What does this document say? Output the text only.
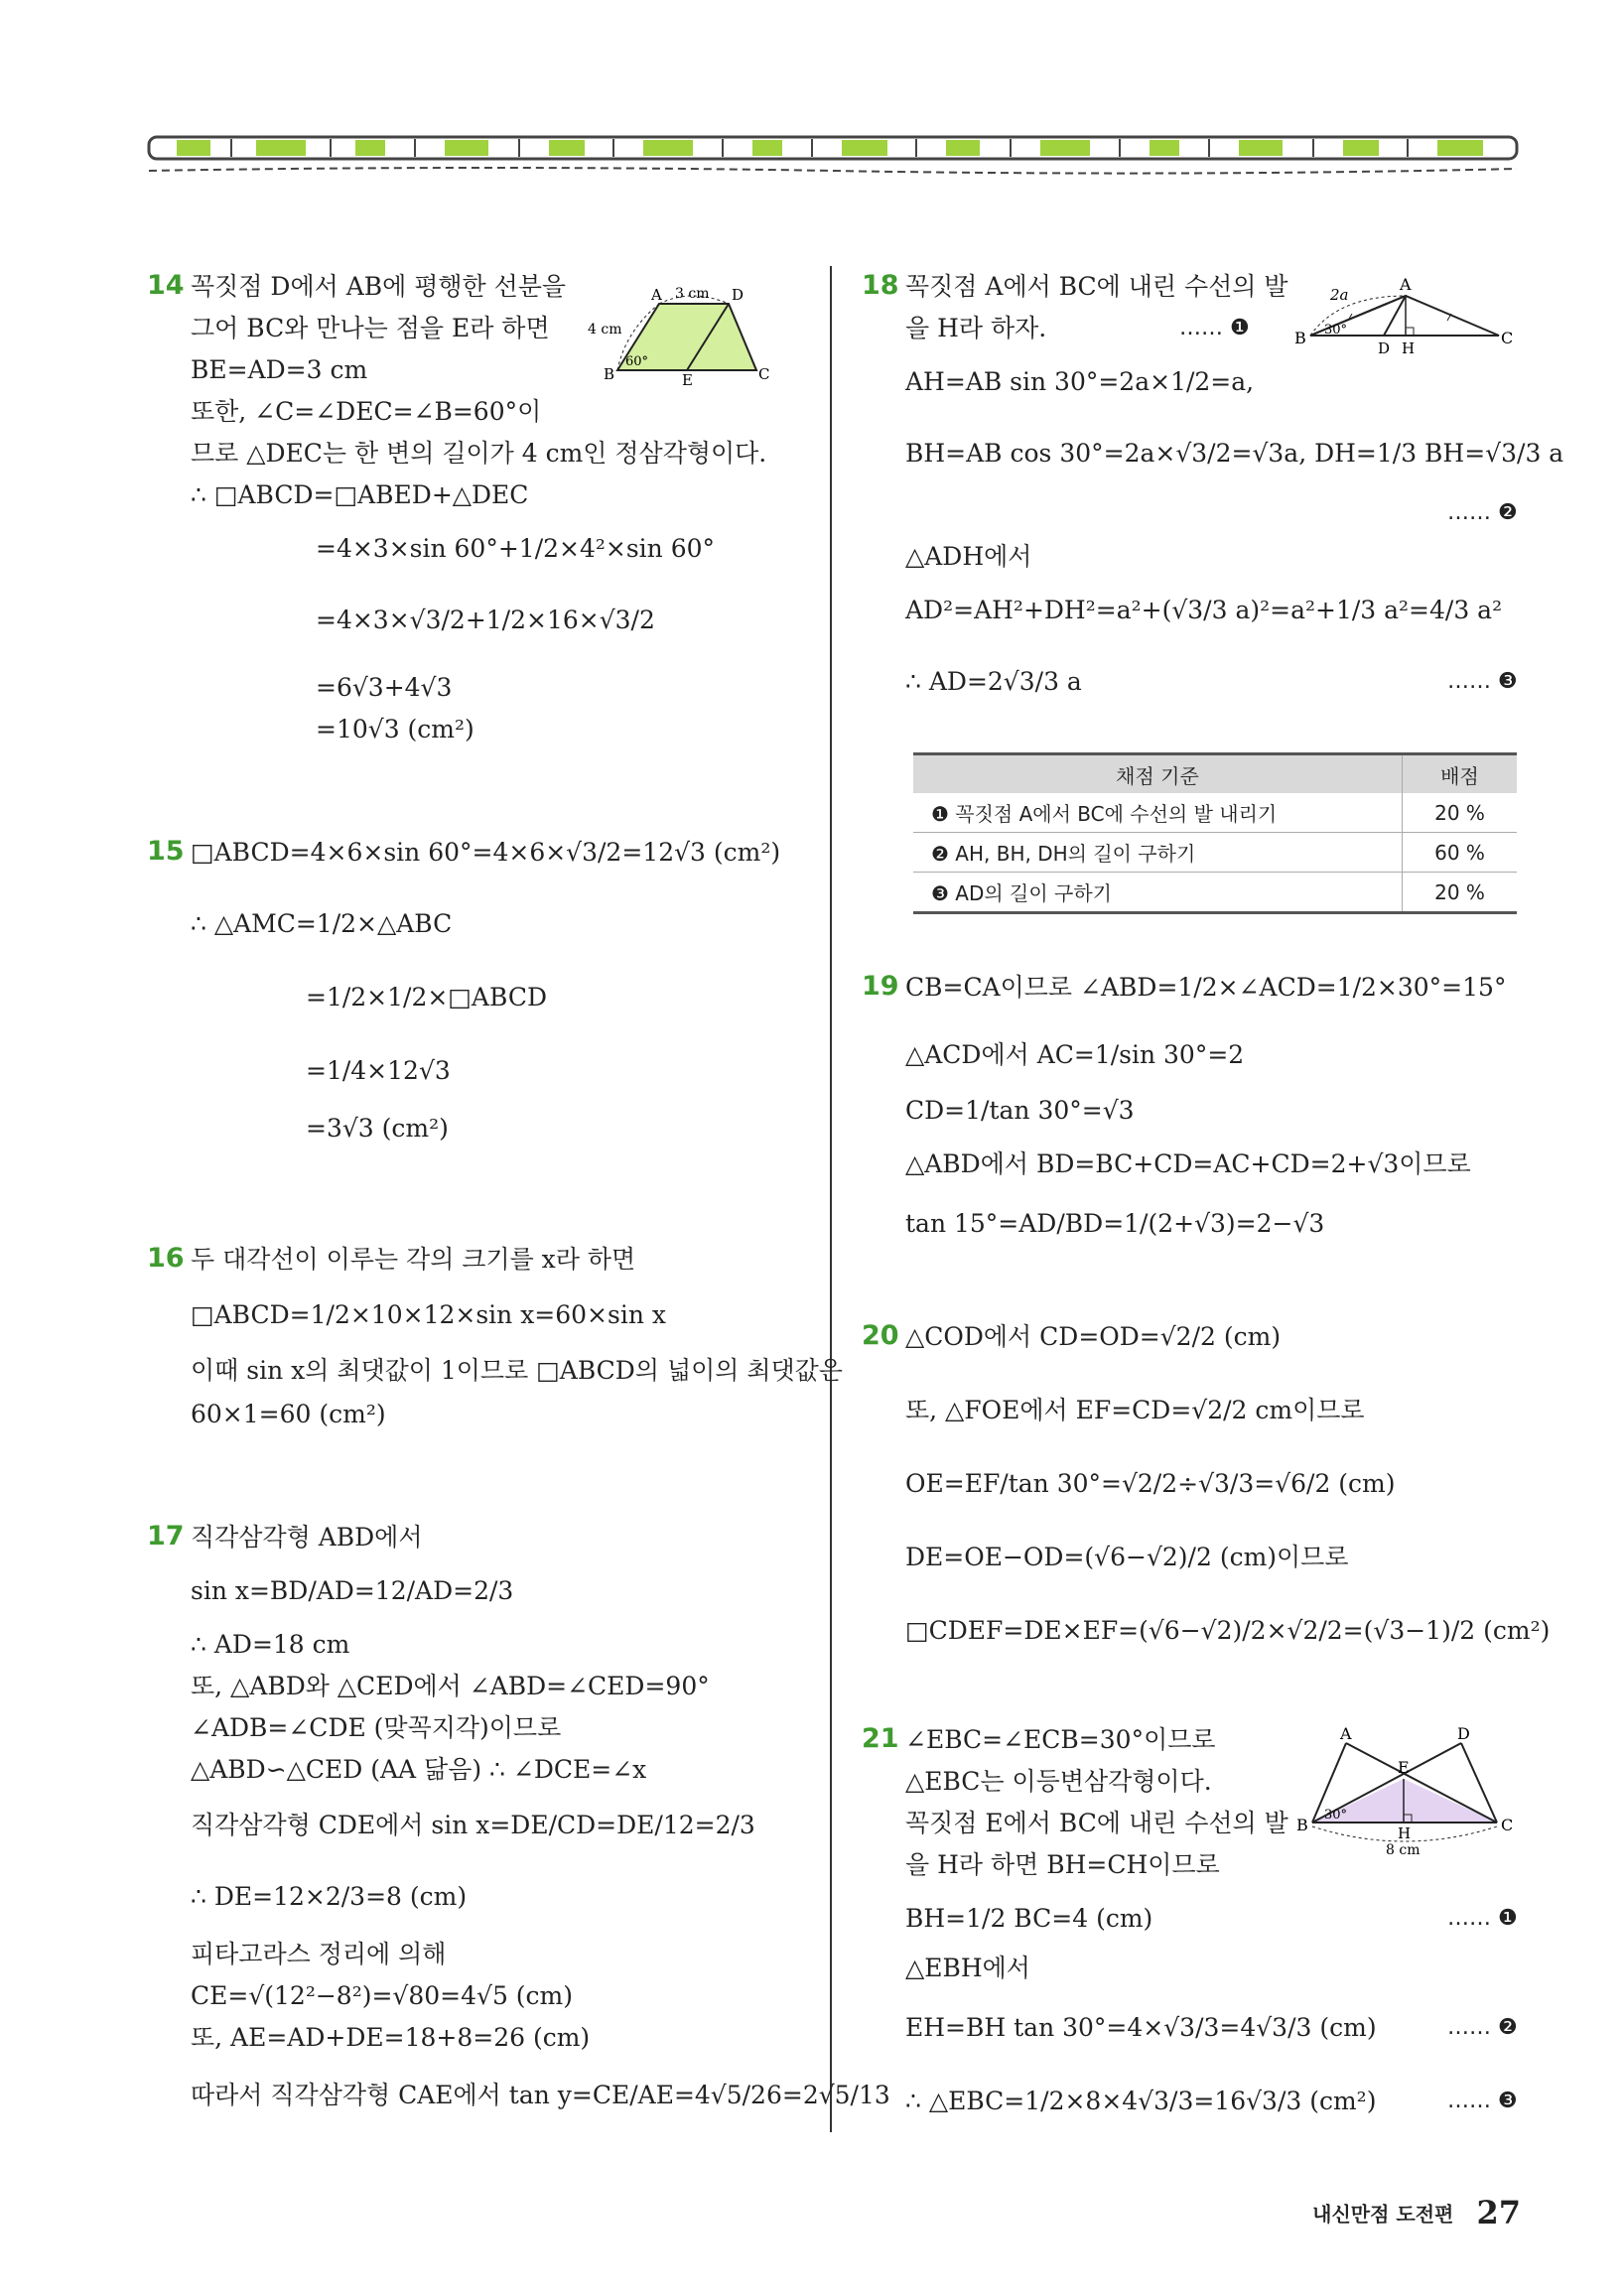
14 꼭짓점 D에서 AB에 평행한 선분을
그어 BC와 만나는 점을 E라 하면
BE=AD=3 cm
또한, ∠C=∠DEC=∠B=60°이
므로 △DEC는 한 변의 길이가 4 cm인 정삼각형이다.
∴ □ABCD=□ABED+△DEC
=4×3×sin 60°+1/2×4²×sin 60°
=4×3×√3/2+1/2×16×√3/2
=6√3+4√3
=10√3 (cm²)
A	D
B	C
E
3 cm
4 cm
60°
15 □ABCD=4×6×sin 60°=4×6×√3/2=12√3 (cm²)
∴ △AMC=1/2×△ABC
=1/2×1/2×□ABCD
=1/4×12√3
=3√3 (cm²)
16 두 대각선이 이루는 각의 크기를 x라 하면
□ABCD=1/2×10×12×sin x=60×sin x
이때 sin x의 최댓값이 1이므로 □ABCD의 넓이의 최댓값은
60×1=60 (cm²)
17 직각삼각형 ABD에서
sin x=BD/AD=12/AD=2/3
∴ AD=18 cm
또, △ABD와 △CED에서 ∠ABD=∠CED=90°
∠ADB=∠CDE (맞꼭지각)이므로
△ABD∽△CED (AA 닮음) ∴ ∠DCE=∠x
직각삼각형 CDE에서 sin x=DE/CD=DE/12=2/3
∴ DE=12×2/3=8 (cm)
피타고라스 정리에 의해
CE=√(12²−8²)=√80=4√5 (cm)
또, AE=AD+DE=18+8=26 (cm)
따라서 직각삼각형 CAE에서 tan y=CE/AE=4√5/26=2√5/13
18 꼭짓점 A에서 BC에 내린 수선의 발
을 H라 하자.	…… ❶
AH=AB sin 30°=2a×1/2=a,
BH=AB cos 30°=2a×√3/2=√3a, DH=1/3 BH=√3/3 a
…… ❷
△ADH에서
AD²=AH²+DH²=a²+(√3/3 a)²=a²+1/3 a²=4/3 a²
∴ AD=2√3/3 a	…… ❸
A
B	C
D H
2a
30°
채점 기준	배점
❶ 꼭짓점 A에서 BC에 수선의 발 내리기	20 %
❷ AH, BH, DH의 길이 구하기	60 %
❸ AD의 길이 구하기	20 %
19 CB=CA이므로 ∠ABD=1/2×∠ACD=1/2×30°=15°
△ACD에서 AC=1/sin 30°=2
CD=1/tan 30°=√3
△ABD에서 BD=BC+CD=AC+CD=2+√3이므로
tan 15°=AD/BD=1/(2+√3)=2−√3
20 △COD에서 CD=OD=√2/2 (cm)
또, △FOE에서 EF=CD=√2/2 cm이므로
OE=EF/tan 30°=√2/2÷√3/3=√6/2 (cm)
DE=OE−OD=(√6−√2)/2 (cm)이므로
□CDEF=DE×EF=(√6−√2)/2×√2/2=(√3−1)/2 (cm²)
21 ∠EBC=∠ECB=30°이므로
△EBC는 이등변삼각형이다.
꼭짓점 E에서 BC에 내린 수선의 발
을 H라 하면 BH=CH이므로
BH=1/2 BC=4 (cm)	…… ❶
△EBH에서
EH=BH tan 30°=4×√3/3=4√3/3 (cm)	…… ❷
∴ △EBC=1/2×8×4√3/3=16√3/3 (cm²)	…… ❸
A	D
E
B	C
H
8 cm
30°
내신만점 도전편 27
